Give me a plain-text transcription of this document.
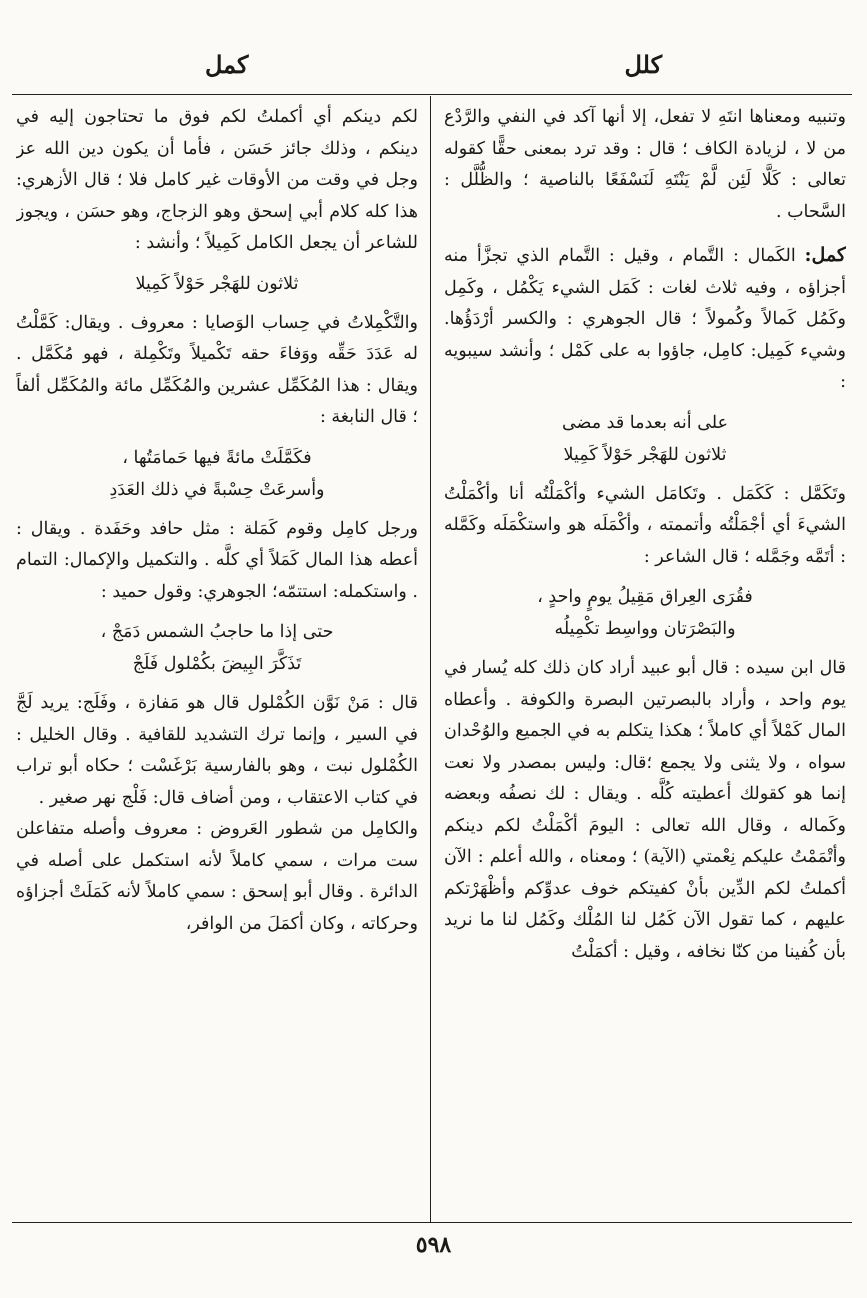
كلل
كمل

وتنبيه ومعناها انتَهِ لا تفعل، إلا أنها آكد في النفي والرَّدْع من لا ، لزيادة الكاف ؛ قال : وقد ترد بمعنى حقًّا كقوله تعالى : كَلَّا لَئِن لَّمْ يَنْتَهِ لَنَسْفَعًا بالناصية ؛ والظُّلَّل : السَّحاب .

كمل: الكَمال : التَّمام ، وقيل : التَّمام الذي تجزَّأ منه أجزاؤه ، وفيه ثلاث لغات : كَمَل الشيء يَكْمُل ، وكَمِل وكَمُل كَمالاً وكُمولاً ؛ قال الجوهري : والكسر أرْدَؤُها. وشيء كَمِيل: كامِل، جاؤوا به على كَمْل ؛ وأنشد سيبويه :

على أنه بعدما قد مضى
ثلاثون للهَجْر حَوْلاً كَمِيلا

وتَكَمَّل : كَكَمَل . وتَكامَل الشيء وأكْمَلْتُه أنا وأكْمَلْتُ الشيءَ أي أجْمَلْتُه وأتممته ، وأكْمَلَه هو واستكْمَلَه وكَمَّله : أتَمَّه وجَمَّله ؛ قال الشاعر :

فقُرَى العِراق مَقِيلُ يومٍ واحدٍ ،
والبَصْرَتان وواسِط تكْمِيلُه

قال ابن سيده : قال أبو عبيد أراد كان ذلك كله يُسار في يوم واحد ، وأراد بالبصرتين البصرة والكوفة . وأعطاه المال كَمْلاً أي كاملاً ؛ هكذا يتكلم به في الجميع والوُحْدان سواه ، ولا يثنى ولا يجمع ؛قال: وليس بمصدر ولا نعت إنما هو كقولك أعطيته كُلَّه . ويقال : لك نصفُه وبعضه وكَماله ، وقال الله تعالى : اليومَ أكْمَلْتُ لكم دينكم وأتْمَمْتُ عليكم نِعْمتي (الآية) ؛ ومعناه ، والله أعلم : الآن أكملتُ لكم الدِّين بأنْ كفيتكم خوف عدوِّكم وأظْهَرْتكم عليهم ، كما تقول الآن كَمُل لنا المُلْك وكَمُل لنا ما نريد بأن كُفينا من كنّا نخافه ، وقيل : أكمَلْتُ

لكم دينكم أي أكملتُ لكم فوق ما تحتاجون إليه في دينكم ، وذلك جائز حَسَن ، فأما أن يكون دين الله عز وجل في وقت من الأوقات غير كامل فلا ؛ قال الأزهري: هذا كله كلام أبي إسحق وهو الزجاج، وهو حسَن ، ويجوز للشاعر أن يجعل الكامل كَمِيلاً ؛ وأنشد :

ثلاثون للهَجْر حَوْلاً كَمِيلا

والتَّكْمِلاتُ في حِساب الوَصايا : معروف . ويقال: كَمَّلْتُ له عَدَدَ حَقِّه ووَفاءَ حقه تَكْميلاً وتَكْمِلة ، فهو مُكَمَّل . ويقال : هذا المُكَمِّل عشرين والمُكَمِّل مائة والمُكَمِّل ألفاً ؛ قال النابغة :

فكَمَّلَتْ مائةً فيها حَمامَتُها ،
وأسرعَتْ حِسْبةً في ذلك العَدَدِ

ورجل كامِل وقوم كَمَلة : مثل حافد وحَفَدة . ويقال : أعطه هذا المال كَمَلاً أي كلَّه . والتكميل والإكمال: التمام . واستكمله: استتمّه؛ الجوهري: وقول حميد :

حتى إذا ما حاجبُ الشمس دَمَجْ ،
تَذَكَّرَ البِيضَ بكُمْلول فَلَجْ

قال : مَنْ نَوَّن الكُمْلول قال هو مَفازة ، وفَلَج: يريد لَجَّ في السير ، وإنما ترك التشديد للقافية . وقال الخليل : الكُمْلول نبت ، وهو بالفارسية بَرْغَسْت ؛ حكاه أبو تراب في كتاب الاعتقاب ، ومن أضاف قال: فَلْج نهر صغير .

والكامِل من شطور العَروض : معروف وأصله متفاعلن ست مرات ، سمي كاملاً لأنه استكمل على أصله في الدائرة . وقال أبو إسحق : سمي كاملاً لأنه كَمَلَتْ أجزاؤه وحركاته ، وكان أكمَلَ من الوافر،

٥٩٨
